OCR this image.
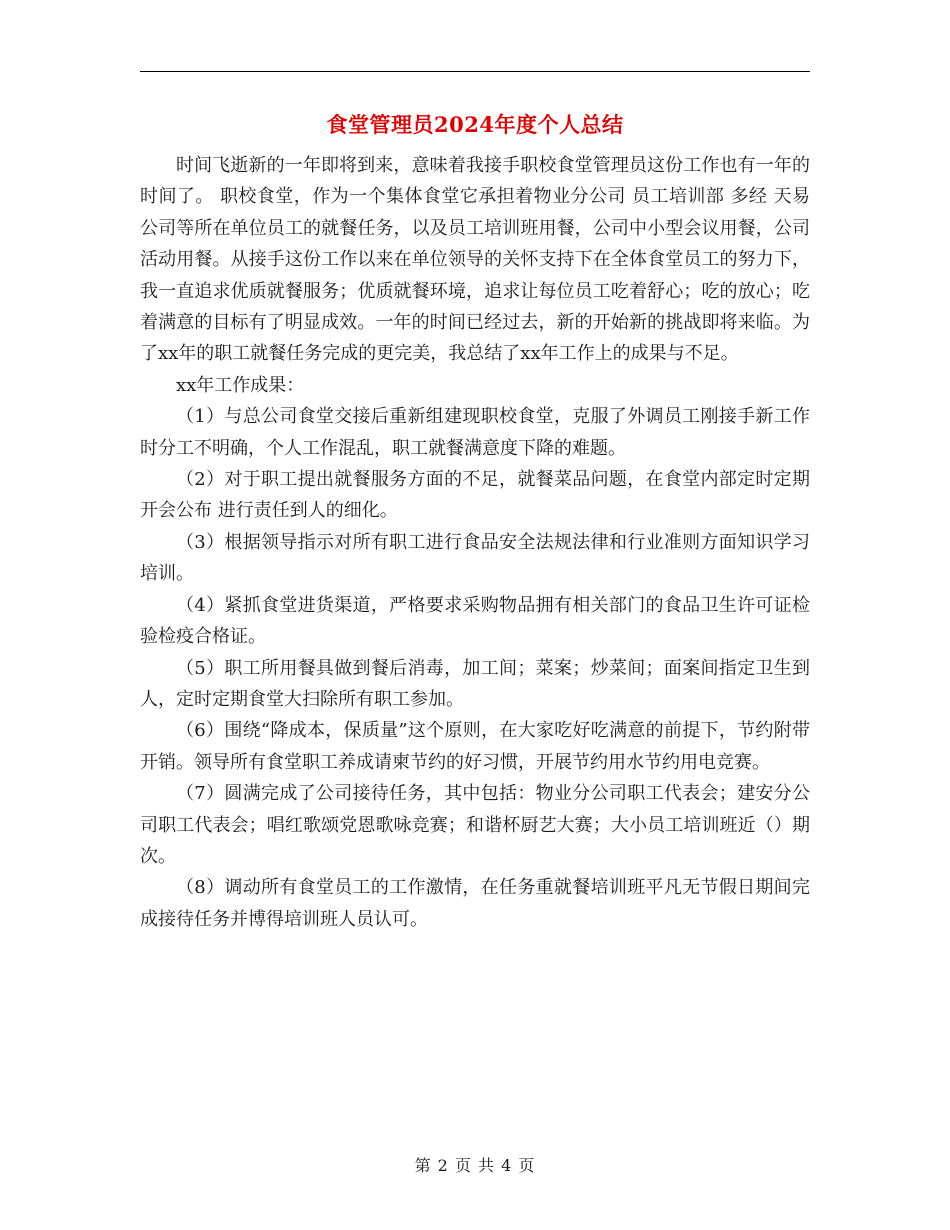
食堂管理员2024年度个人总结

时间飞逝新的一年即将到来，意味着我接手职校食堂管理员这份工作也有一年的时间了。 职校食堂，作为一个集体食堂它承担着物业分公司 员工培训部 多经 天易公司等所在单位员工的就餐任务，以及员工培训班用餐，公司中小型会议用餐，公司活动用餐。从接手这份工作以来在单位领导的关怀支持下在全体食堂员工的努力下，我一直追求优质就餐服务；优质就餐环境，追求让每位员工吃着舒心；吃的放心；吃着满意的目标有了明显成效。一年的时间已经过去，新的开始新的挑战即将来临。为了xx年的职工就餐任务完成的更完美，我总结了xx年工作上的成果与不足。

xx年工作成果：

（1）与总公司食堂交接后重新组建现职校食堂，克服了外调员工刚接手新工作时分工不明确，个人工作混乱，职工就餐满意度下降的难题。

（2）对于职工提出就餐服务方面的不足，就餐菜品问题，在食堂内部定时定期开会公布 进行责任到人的细化。

（3）根据领导指示对所有职工进行食品安全法规法律和行业准则方面知识学习培训。

（4）紧抓食堂进货渠道，严格要求采购物品拥有相关部门的食品卫生许可证检验检疫合格证。

（5）职工所用餐具做到餐后消毒，加工间；菜案；炒菜间；面案间指定卫生到人，定时定期食堂大扫除所有职工参加。

（6）围绕“降成本，保质量”这个原则，在大家吃好吃满意的前提下，节约附带开销。领导所有食堂职工养成请柬节约的好习惯，开展节约用水节约用电竞赛。

（7）圆满完成了公司接待任务，其中包括：物业分公司职工代表会；建安分公司职工代表会；唱红歌颂党恩歌咏竞赛；和谐杯厨艺大赛；大小员工培训班近（）期次。

（8）调动所有食堂员工的工作激情，在任务重就餐培训班平凡无节假日期间完成接待任务并博得培训班人员认可。

第 2 页 共 4 页
